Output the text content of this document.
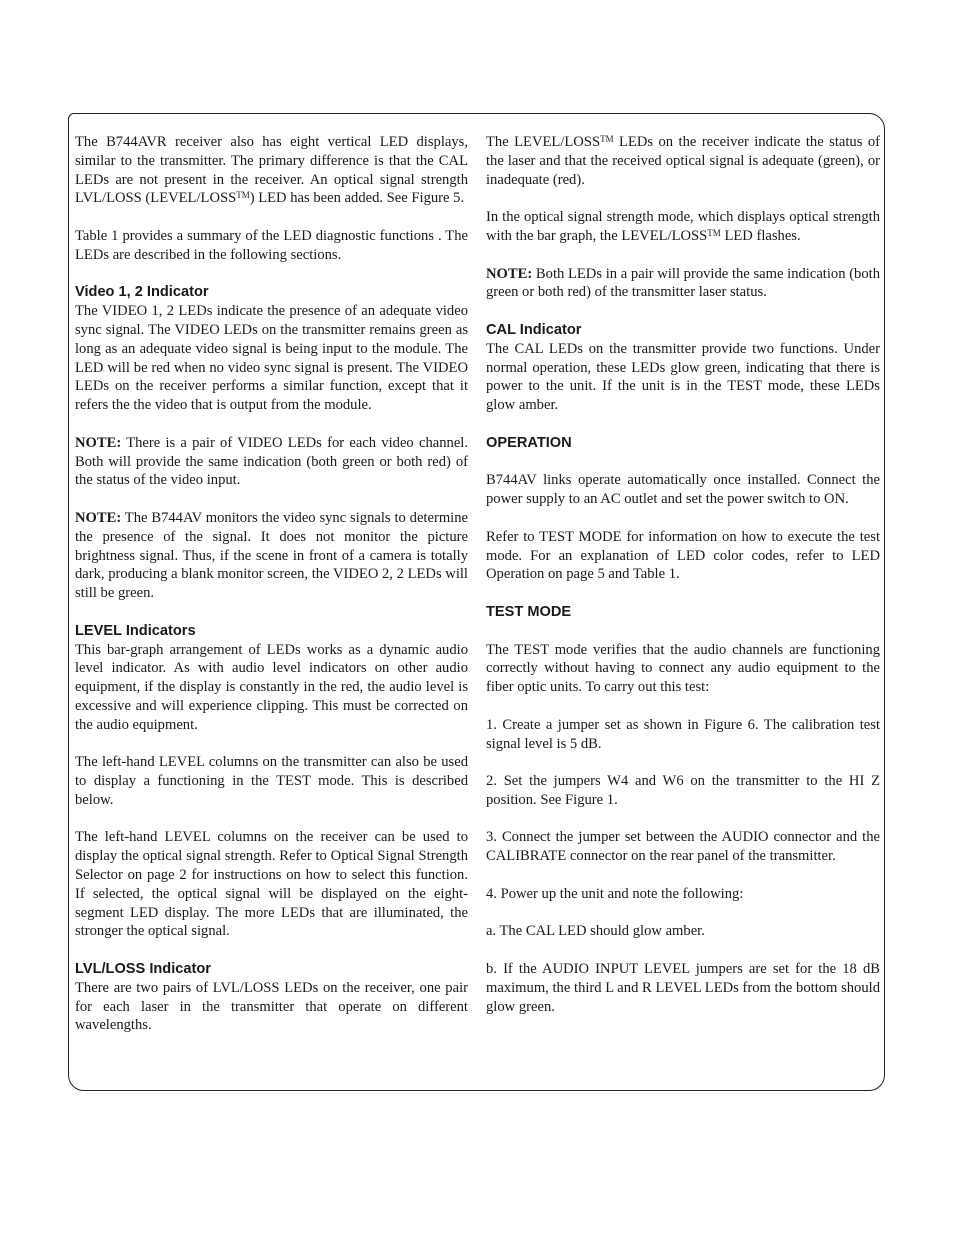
The B744AVR receiver also has eight vertical LED displays, similar to the transmitter. The primary difference is that the CAL LEDs are not present in the receiver. An optical signal strength LVL/LOSS (LEVEL/LOSS™) LED has been added. See Figure 5.

Table 1 provides a summary of the LED diagnostic functions . The LEDs are described in the following sections.

Video 1, 2 Indicator

The VIDEO 1, 2 LEDs indicate the presence of an adequate video sync signal. The VIDEO LEDs on the transmitter remains green as long as an adequate video signal is being input to the module. The LED will be red when no video sync signal is present. The VIDEO LEDs on the receiver performs a similar function, except that it refers the the video that is output from the module.

NOTE: There is a pair of VIDEO LEDs for each video channel. Both will provide the same indication (both green or both red) of the status of the video input.

NOTE: The B744AV monitors the video sync signals to determine the presence of the signal. It does not monitor the picture brightness signal. Thus, if the scene in front of a camera is totally dark, producing a blank monitor screen, the VIDEO 2, 2 LEDs will still be green.

LEVEL Indicators

This bar-graph arrangement of LEDs works as a dynamic audio level indicator. As with audio level indicators on other audio equipment, if the display is constantly in the red, the audio level is excessive and will experience clipping. This must be corrected on the audio equipment.

The left-hand LEVEL columns on the transmitter can also be used to display a functioning in the TEST mode. This is described below.

The left-hand LEVEL columns on the receiver can be used to display the optical signal strength. Refer to Optical Signal Strength Selector on page 2 for instructions on how to select this function. If selected, the optical signal will be displayed on the eight-segment LED display. The more LEDs that are illuminated, the stronger the optical signal.

LVL/LOSS Indicator

There are two pairs of LVL/LOSS LEDs on the receiver, one pair for each laser in the transmitter that operate on different wavelengths.

The LEVEL/LOSS™ LEDs on the receiver indicate the status of the laser and that the received optical signal is adequate (green), or inadequate (red).

In the optical signal strength mode, which displays optical strength with the bar graph, the LEVEL/LOSS™ LED flashes.

NOTE: Both LEDs in a pair will provide the same indication (both green or both red) of the transmitter laser status.

CAL Indicator

The CAL LEDs on the transmitter provide two functions. Under normal operation, these LEDs glow green, indicating that there is power to the unit. If the unit is in the TEST mode, these LEDs glow amber.

OPERATION

B744AV links operate automatically once installed. Connect the power supply to an AC outlet and set the power switch to ON.

Refer to TEST MODE for information on how to execute the test mode. For an explanation of LED color codes, refer to LED Operation on page 5 and Table 1.

TEST MODE

The TEST mode verifies that the audio channels are functioning correctly without having to connect any audio equipment to the fiber optic units. To carry out this test:

1. Create a jumper set as shown in Figure 6. The calibration test signal level is 5 dB.

2. Set the jumpers W4 and W6 on the transmitter to the HI Z position. See Figure 1.

3. Connect the jumper set between the AUDIO connector and the CALIBRATE connector on the rear panel of the transmitter.

4. Power up the unit and note the following:

a. The CAL LED should glow amber.

b. If the AUDIO INPUT LEVEL jumpers are set for the 18 dB maximum, the third L and R LEVEL LEDs from the bottom should glow green.
